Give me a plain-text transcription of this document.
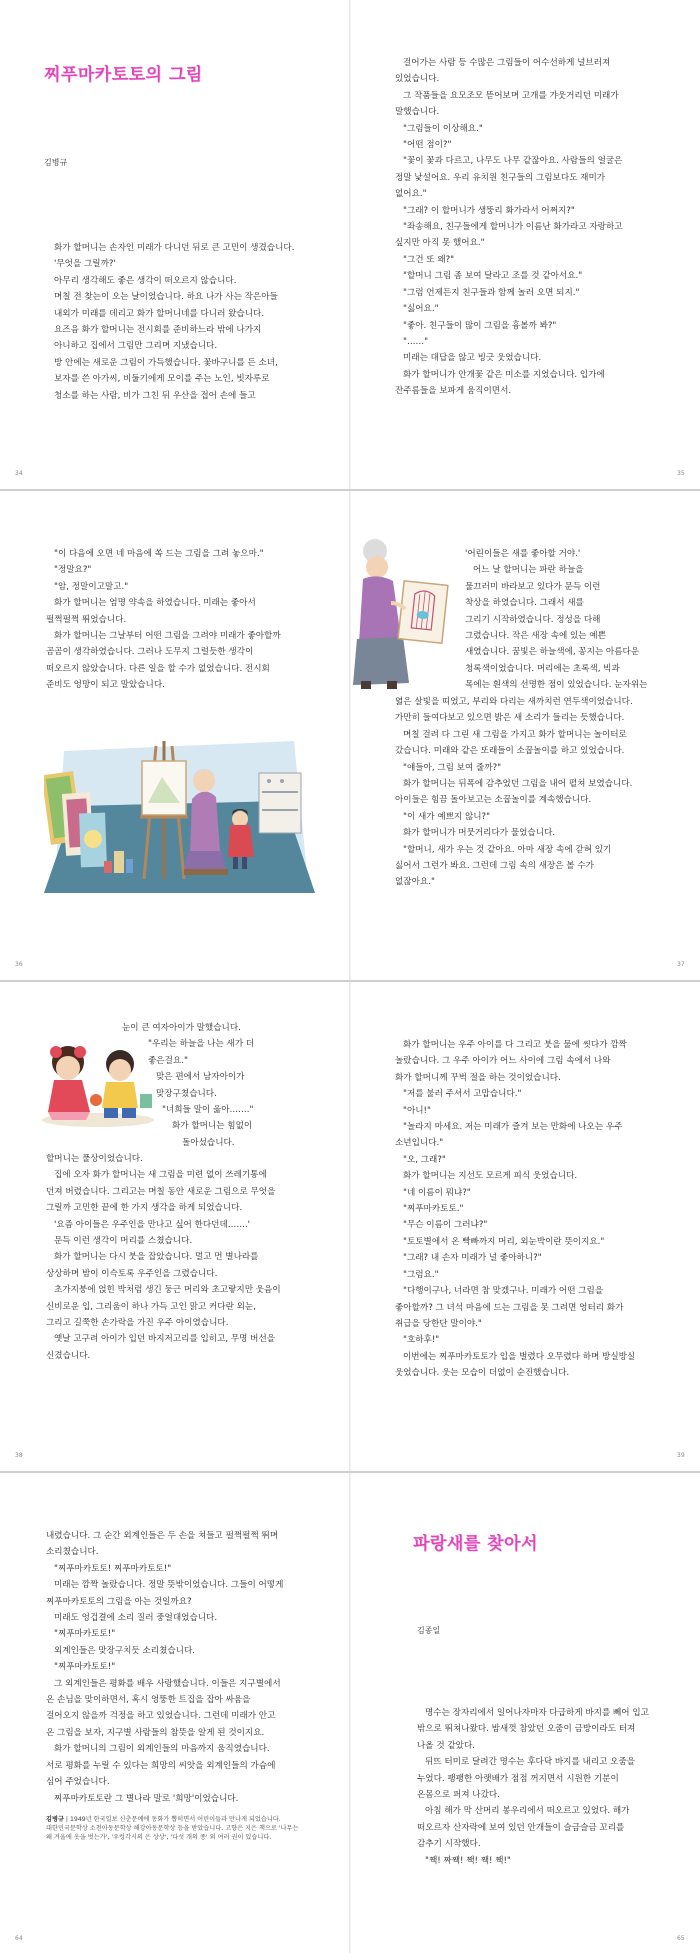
찌푸마카토토의 그림
김병규

화가 할머니는 손자인 미래가 다니던 뒤로 큰 고민이 생겼습니다.

'무엇을 그릴까?'

아무리 생각해도 좋은 생각이 떠오르지 않습니다.

며칠 전 찾는이 오는 날이었습니다. 하요 나가 사는 작은아들

내외가 미래를 데리고 화가 할머니네를 다니러 왔습니다.

요즈음 화가 할머니는 전시회를 준비하느라 밖에 나가지

아니하고 집에서 그림만 그리며 지냈습니다.

방 안에는 새로운 그림이 가득했습니다. 꽃바구니를 든 소녀,

보자를 쓴 아가씨, 비둘기에게 모이를 주는 노인, 빗자루로

청소를 하는 사람, 비가 그친 뒤 우산을 접어 손에 들고

34

걸어가는 사람 등 수많은 그림들이 어수선하게 널브러져

있었습니다.

그 작품들을 요모조모 뜯어보며 고개를 갸웃거리던 미래가

말했습니다.

"그림들이 이상해요."

"어떤 점이?"

"꽃이 꽃과 다르고, 나무도 나무 같잖아요. 사람들의 얼굴은

정말 낯설어요. 우리 유치원 친구들의 그림보다도 재미가

없어요."

"그래? 이 할머니가 생뚱리 화가라서 어쩌지?"

"좌송해요, 친구들에게 할머니가 이름난 화가라고 자랑하고

싶지만 아직 못 했어요."

"그건 또 왜?"

"할머니 그림 좀 보여 달라고 조를 것 같아서요."

"그럼 언제든지 친구들과 함께 놀러 오면 되지."

"싫어요."

"좋아. 친구들이 많이 그림을 흉볼까 봐?"

"……"

미래는 대답을 않고 빙긋 웃었습니다.

화가 할머니가 안개꽃 같은 미소를 지었습니다. 입가에

잔주름들을 보파게 움직이면서.

35

"이 다음에 오면 네 마음에 쏙 드는 그림을 그려 놓으마."

"정말요?"

"암, 정말이고말고."

화가 할머니는 엄명 약속을 하였습니다. 미래는 좋아서

펄쩍펄쩍 뛰었습니다.

화가 할머니는 그날부터 어떤 그림을 그려야 미래가 좋아할까

곰곰이 생각하였습니다. 그러나 도무지 그럴듯한 생각이

떠오르지 않았습니다. 다른 일을 할 수가 없었습니다. 전시회

준비도 엉망이 되고 말았습니다.

36

'어린이들은 새를 좋아할 거야.'

어느 날 할머니는 파란 하늘을

물끄러미 바라보고 있다가 문득 이런

착상을 하였습니다. 그래서 새를

그리기 시작하였습니다. 정성을 다해

그렸습니다. 작은 새장 속에 있는 예쁜

새였습니다. 꿈빛은 하늘색에, 꽁지는 아름다운

청록색이었습니다. 머리에는 초록색, 빅과

목에는 흰색의 선명한 점이 있었습니다. 눈자위는

엷은 살빛을 띠었고, 부리와 다리는 새까치런 연두색이었습니다.

가만히 들여다보고 있으면 밝은 새 소리가 들리는 듯했습니다.

며칠 걸려 다 그린 새 그림을 가지고 화가 할머니는 놀이터로

갔습니다. 미래와 같은 또래들이 소꿉놀이를 하고 있었습니다.

"얘들아, 그림 보여 줄까?"

화가 할머니는 뒤폭에 감추었던 그림을 내어 펼쳐 보였습니다.

아이들은 힘끔 돌아보고는 소꿉놀이를 계속했습니다.

"이 새가 예쁘지 않니?"

화가 할머니가 머뭇거리다가 물었습니다.

"할머니, 새가 우는 것 같아요. 아마 새장 속에 갇혀 있기

싫어서 그런가 봐요. 그런데 그림 속의 새장은 볼 수가

없잖아요."

37

눈이 큰 여자아이가 말했습니다.

"우리는 하늘을 나는 새가 더

좋은걸요."

맞은 편에서 남자아이가

맞장구쳤습니다.

"너희들 말이 옳아……."

화가 할머니는 힘없이

돌아섰습니다.

할머니는 풀상이었습니다.

집에 오자 화가 할머니는 새 그림을 미련 없이 쓰레기통에

던져 버렸습니다. 그리고는 며칠 동안 새로운 그림으로 무엇을

그릴까 고민한 끝에 한 가지 생각을 하게 되었습니다.

'요즘 아이들은 우주인을 만나고 싶어 한다던데…….'

문득 이런 생각이 머리를 스쳤습니다.

화가 할머니는 다시 붓을 잡았습니다. 멀고 먼 별나라를

상상하며 밤이 이슥토록 우주인을 그렸습니다.

초가지붕에 얹힌 박처럼 생긴 둥근 머리와 초고랗지만 웃음이

신비로운 입, 그리움이 하나 가득 고인 맑고 커다란 외눈,

그리고 길쭉한 손가락을 가진 우주 아이였습니다.

옛날 고구려 아이가 입던 바지저고리를 입히고, 무명 버선을

신겼습니다.

38

화가 할머니는 우주 아이를 다 그리고 붓을 물에 씻다가 깜짝

놀랐습니다. 그 우주 아이가 어느 사이에 그림 속에서 나와

화가 할머니께 꾸벅 절을 하는 것이었습니다.

"저를 불러 주셔서 고맙습니다."

"아니!"

"놀라지 마세요. 저는 미래가 즐겨 보는 만화에 나오는 우주

소년입니다."

"오, 그래?"

화가 할머니는 지선도 모르게 피식 웃었습니다.

"네 이름이 뭐냐?"

"찌푸마카토토."

"무슨 이름이 그러냐?"

"토토별에서 온 빡빠까지 머리, 외눈박이란 뜻이지요."

"그래? 내 손자 미래가 널 좋아하니?"

"그럼요."

"다행이구나, 너라면 참 맞겠구나. 미래가 어떤 그림을

좋아할까? 그 녀석 마음에 드는 그림을 못 그려면 엉터리 화가

취급을 당한단 말이야."

"호하후!"

이번에는 찌푸마카토토가 입을 벌렸다 오무렸다 하며 방실방실

웃었습니다. 웃는 모습이 더없이 순진했습니다.

39

내렸습니다. 그 순간 외계인들은 두 손을 쳐들고 펄쩍펄쩍 뛰며

소리쳤습니다.

"찌푸마카토토! 찌푸마카토토!"

미래는 깜짝 놀랐습니다. 정말 뜻밖이었습니다. 그들이 어떻게

찌푸마카토토의 그림을 아는 것일까요?

미래도 엉겁결에 소리 질러 중얼대었습니다.

"찌푸마카토토!"

외계인들은 맞장구치듯 소리쳤습니다.

"찌푸마카토토!"

그 외계인들은 평화를 배우 사랑했습니다. 이들은 지구별에서

온 손님을 맞이하면서, 혹시 엉뚱한 트집을 잡아 싸움을

걸어오지 않을까 걱정을 하고 있었습니다. 그런데 미래가 안고

온 그림을 보자, 지구별 사람들의 참뜻을 알게 된 것이지요.

화가 할머니의 그림이 외계인들의 마음까지 움직였습니다.

서로 평화를 누릴 수 있다는 희망의 씨앗을 외계인들의 가슴에

심어 주었습니다.

찌푸마카토토란 그 별나라 말로 '희망'이었습니다.

김병규 | 1949년 한국일보 신춘문예에 동화가 뽑히면서 어린이들과 만나게 되었습니다.
대한민국문학상 소천아동문학상 해강아동문학상 등을 받았습니다. 고향은 지은 책으로 '나무는
왜 겨울에 옷을 벗는가', '우렁각시의 은 상상', '다섯 개의 종' 외 여러 권이 있습니다.
64
파랑새를 찾아서
김종일

명수는 장자리에서 일어나자마자 다급하게 바지를 뻬어 입고

밖으로 뛰쳐나왔다. 밤새껏 참았던 오줌이 금방이라도 터져

나올 것 같았다.

뒤뜨 터미로 달려간 명수는 후다닥 바지를 내리고 오줌을

누었다. 팽팽한 아랫배가 점점 꺼지면서 시원한 기분이

온몸으로 퍼져 나갔다.

아침 해가 막 산머리 봉우리에서 떠오르고 있었다. 해가

떠오르자 산자락에 보여 있던 안개들이 슬금슬금 꼬리를

감추기 시작했다.

"짹! 짜짹! 짹! 짹! 짹!"

65
